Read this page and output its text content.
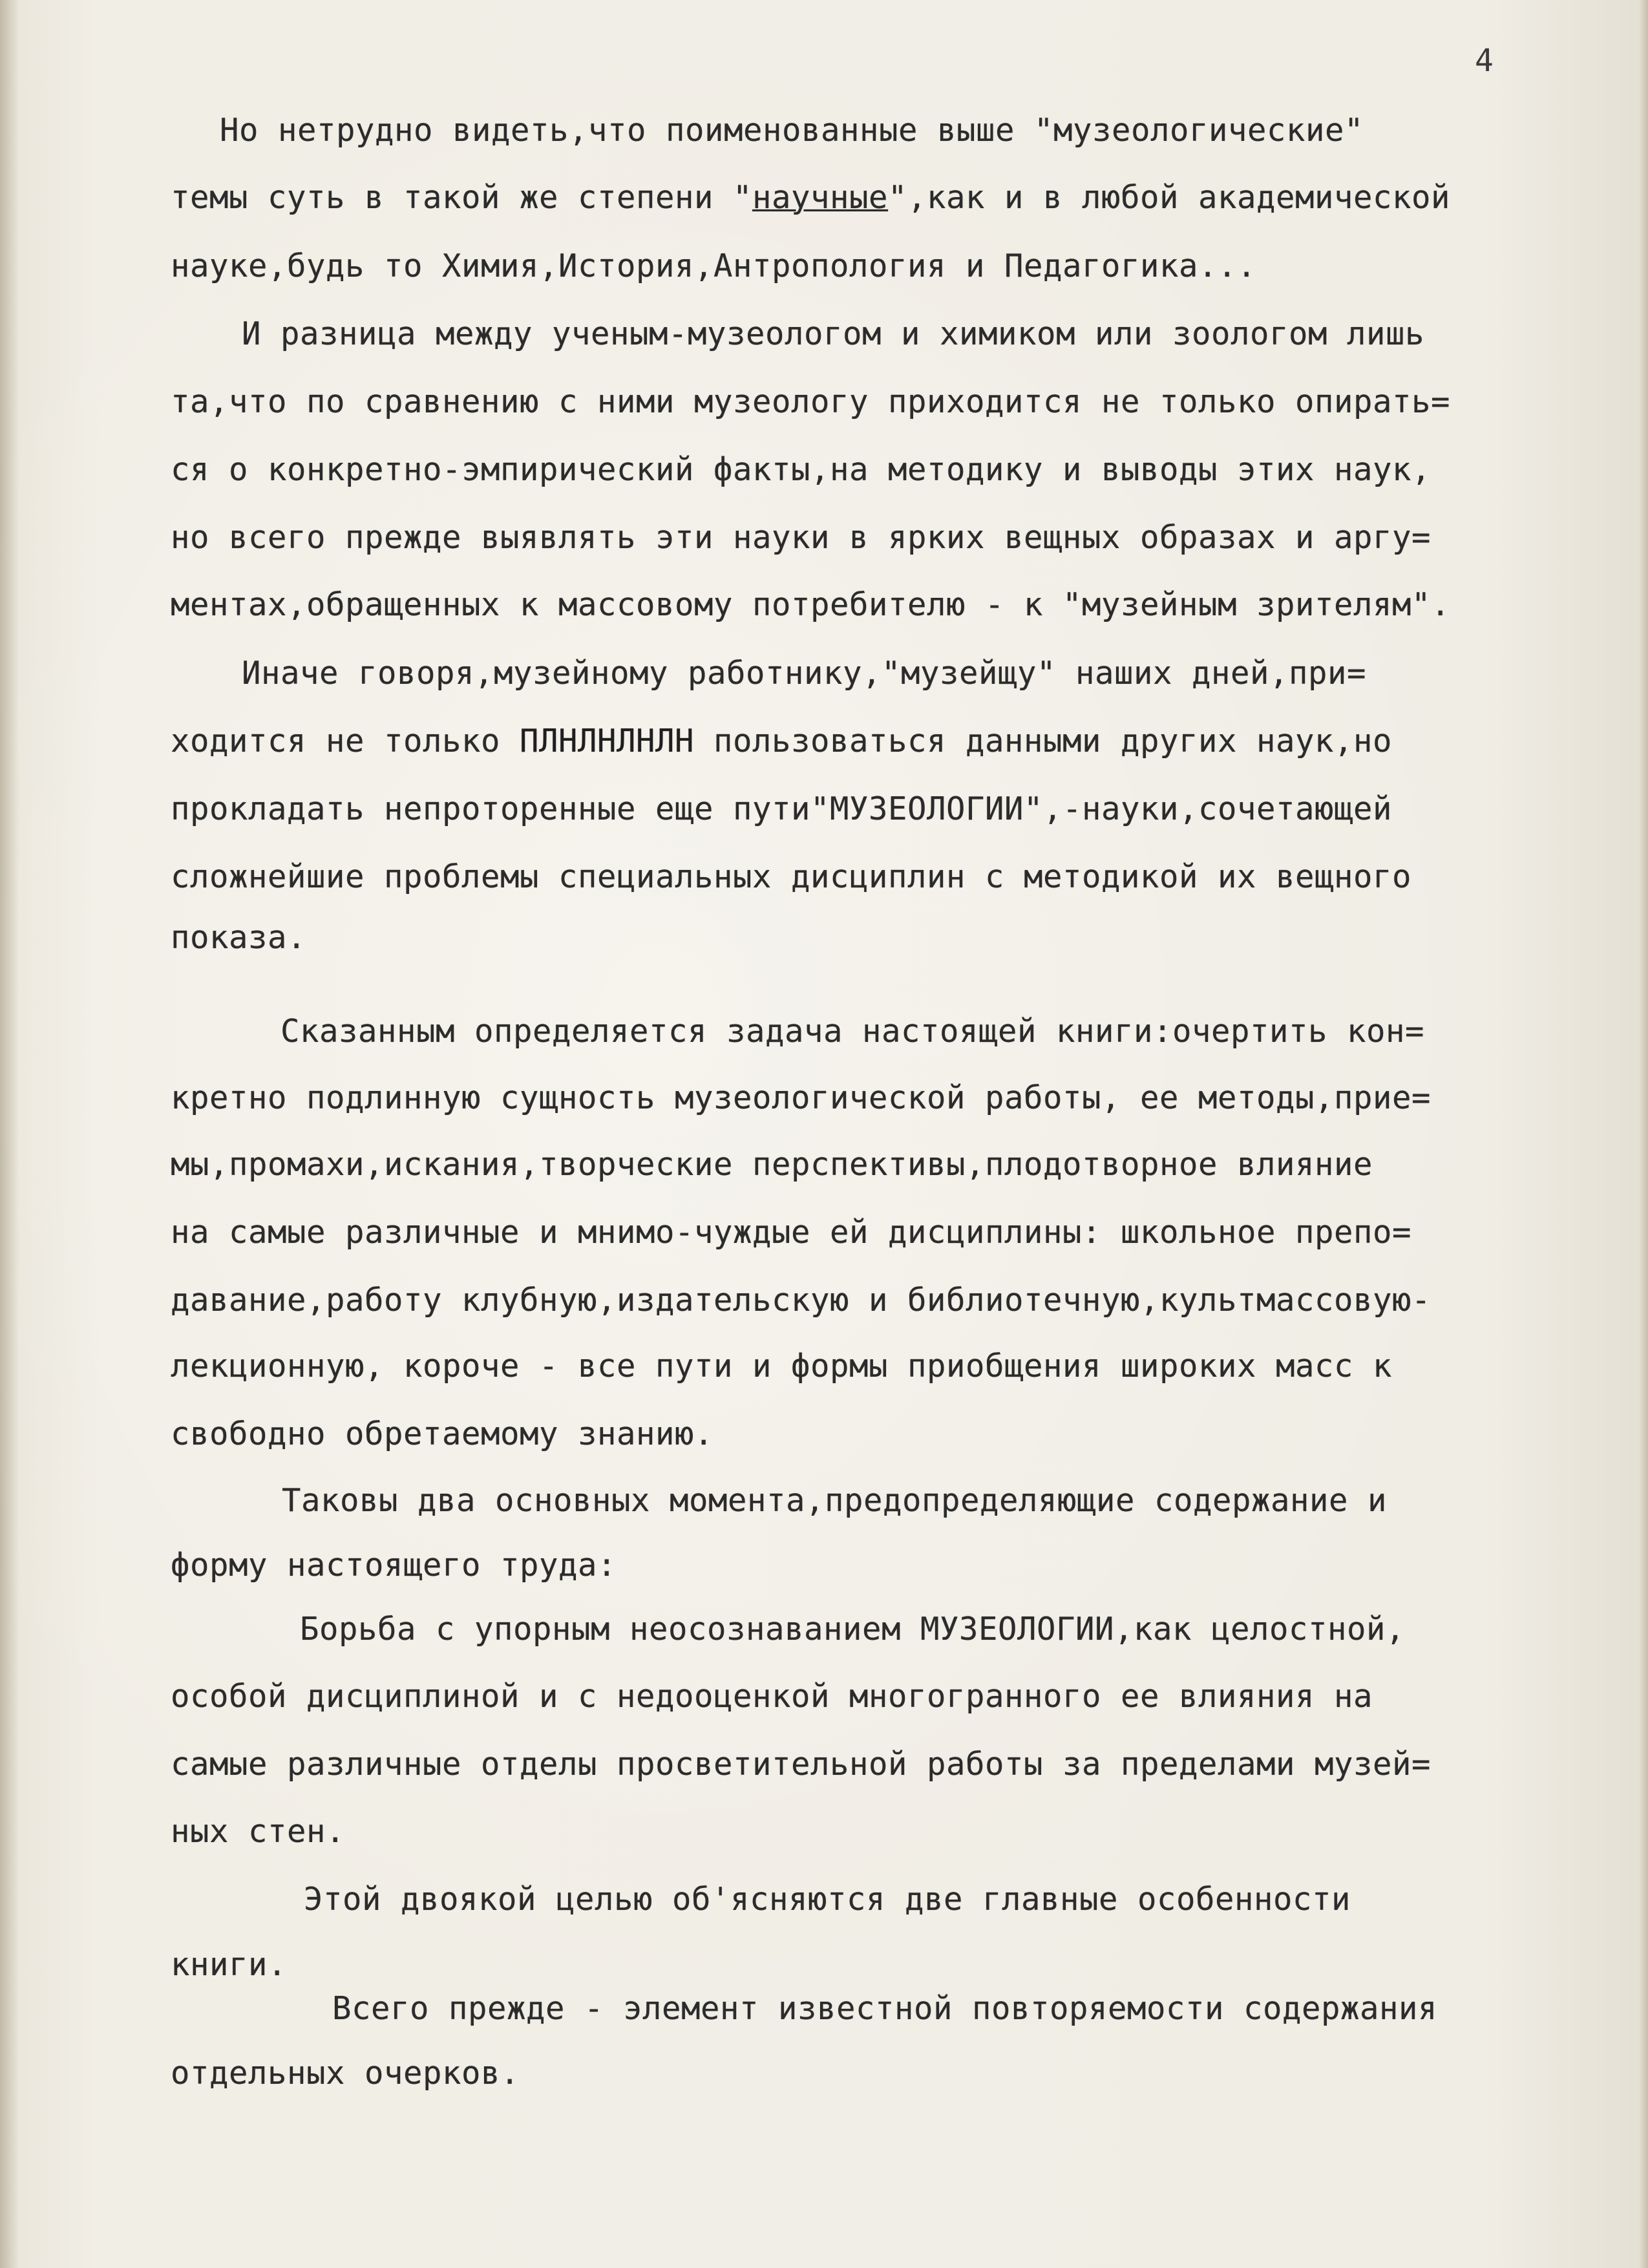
4
Но нетрудно видеть,что поименованные выше "музеологические"
темы суть в такой же степени "научные",как и в любой академической
науке,будь то Химия,История,Антропология и Педагогика...
И разница между ученым-музеологом и химиком или зоологом лишь
та,что по сравнению с ними музеологу приходится не только опирать=
ся о конкретно-эмпирический факты,на методику и выводы этих наук,
но всего прежде выявлять эти науки в ярких вещных образах и аргу=
ментах,обращенных к массовому потребителю - к "музейным зрителям".
Иначе говоря,музейному работнику,"музейщу" наших дней,при=
ходится не только ПЛНЛНЛНЛН пользоваться данными других наук,но
прокладать непроторенные еще пути"МУЗЕОЛОГИИ",-науки,сочетающей
сложнейшие проблемы специальных дисциплин с методикой их вещного
показа.
Сказанным определяется задача настоящей книги:очертить кон=
кретно подлинную сущность музеологической работы, ее методы,прие=
мы,промахи,искания,творческие перспективы,плодотворное влияние
на самые различные и мнимо-чуждые ей дисциплины: школьное препо=
давание,работу клубную,издательскую и библиотечную,культмассовую-
лекционную, короче - все пути и формы приобщения широких масс к
свободно обретаемому знанию.
Таковы два основных момента,предопределяющие содержание и
форму настоящего труда:
Борьба с упорным неосознаванием МУЗЕОЛОГИИ,как целостной,
особой дисциплиной и с недооценкой многогранного ее влияния на
самые различные отделы просветительной работы за пределами музей=
ных стен.
Этой двоякой целью об'ясняются две главные особенности
книги.
Всего прежде - элемент известной повторяемости содержания
отдельных очерков.
